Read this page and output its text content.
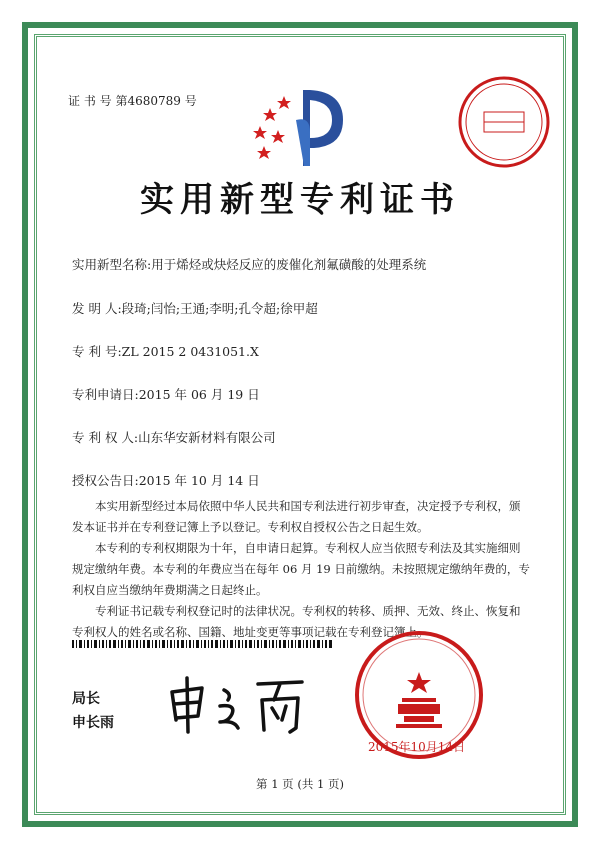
证 书 号 第4680789 号
实用新型专利证书
实用新型名称:用于烯烃或炔烃反应的废催化剂氟磺酸的处理系统
发 明 人:段琦;闫怡;王通;李明;孔令超;徐甲超
专 利 号:ZL 2015 2 0431051.X
专利申请日:2015 年 06 月 19 日
专 利 权 人:山东华安新材料有限公司
授权公告日:2015 年 10 月 14 日

本实用新型经过本局依照中华人民共和国专利法进行初步审查，决定授予专利权，颁发本证书并在专利登记簿上予以登记。专利权自授权公告之日起生效。

本专利的专利权期限为十年，自申请日起算。专利权人应当依照专利法及其实施细则规定缴纳年费。本专利的年费应当在每年 06 月 19 日前缴纳。未按照规定缴纳年费的，专利权自应当缴纳年费期满之日起终止。

专利证书记载专利权登记时的法律状况。专利权的转移、质押、无效、终止、恢复和专利权人的姓名或名称、国籍、地址变更等事项记载在专利登记簿上。

局长
申长雨
2015年10月14日
第 1 页 (共 1 页)
